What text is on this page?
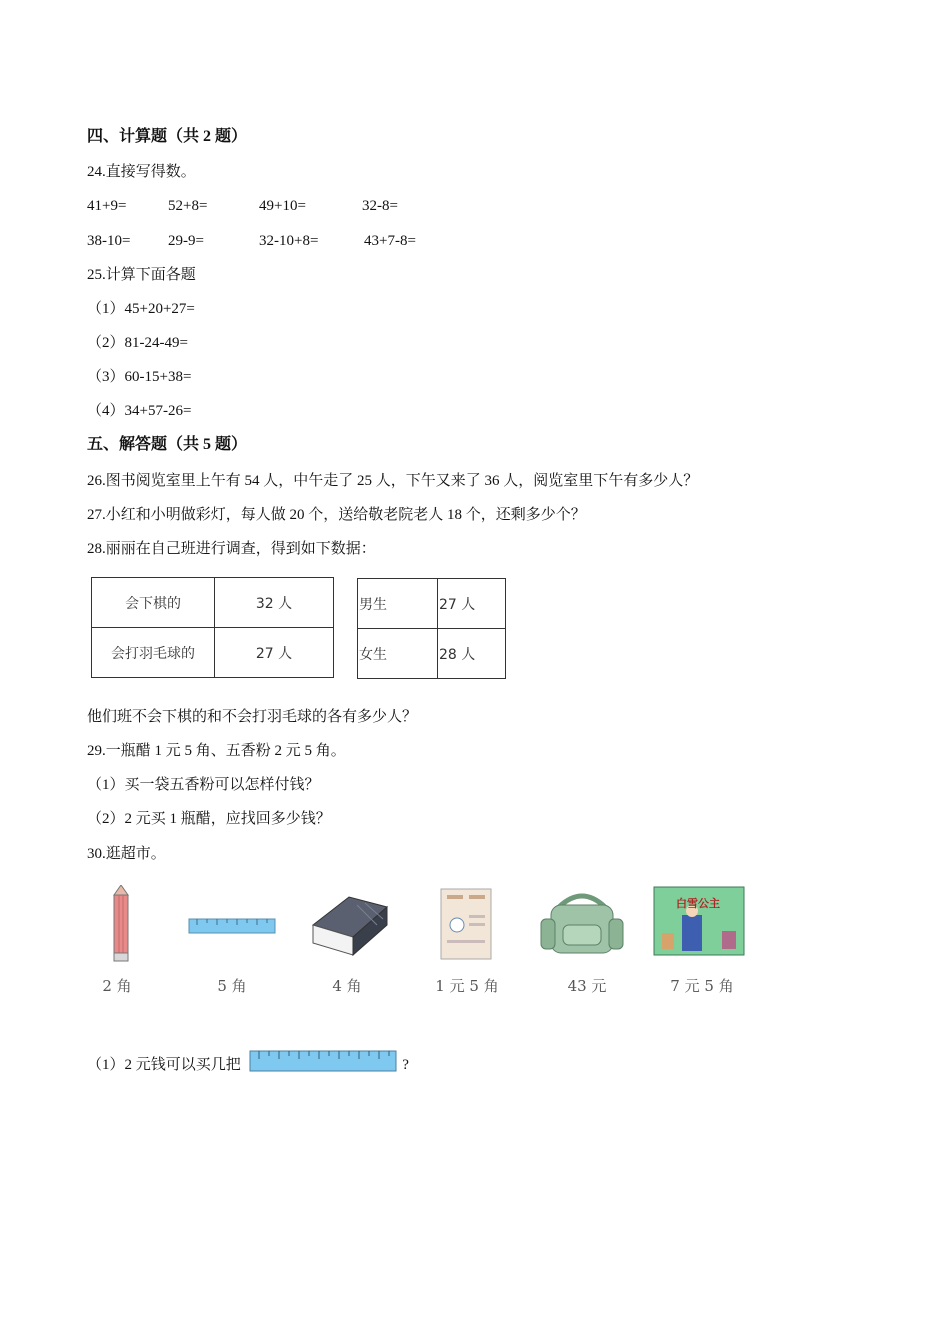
四、计算题（共 2 题）
24.直接写得数。
41+9=	52+8=	49+10=	32-8=
38-10=	29-9=	32-10+8=	43+7-8=
25.计算下面各题
（1）45+20+27=
（2）81-24-49=
（3）60-15+38=
（4）34+57-26=
五、解答题（共 5 题）
26.图书阅览室里上午有 54 人，中午走了 25 人，下午又来了 36 人，阅览室里下午有多少人？
27.小红和小明做彩灯，每人做 20 个，送给敬老院老人 18 个，还剩多少个？
28.丽丽在自己班进行调查，得到如下数据：
会下棋的	32 人
会打羽毛球的	27 人
男生	27 人
女生	28 人
他们班不会下棋的和不会打羽毛球的各有多少人？
29.一瓶醋 1 元 5 角、五香粉 2 元 5 角。
（1）买一袋五香粉可以怎样付钱？
（2）2 元买 1 瓶醋，应找回多少钱？
30.逛超市。
2 角	5 角	4 角	1 元 5 角	43 元
白雪公主
7 元 5 角
（1）2 元钱可以买几把	?
